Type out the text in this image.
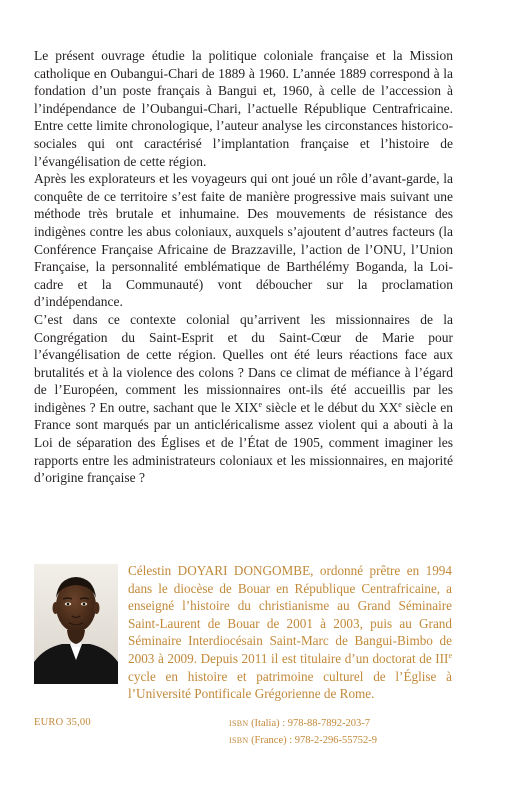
Le présent ouvrage étudie la politique coloniale française et la Mission catholique en Oubangui-Chari de 1889 à 1960. L’année 1889 correspond à la fondation d’un poste français à Bangui et, 1960, à celle de l’accession à l’indépendance de l’Oubangui-Chari, l’actuelle République Centrafricaine. Entre cette limite chronologique, l’auteur analyse les circonstances historico-sociales qui ont caractérisé l’implantation française et l’histoire de l’évangélisation de cette région.

Après les explorateurs et les voyageurs qui ont joué un rôle d’avant-garde, la conquête de ce territoire s’est faite de manière progressive mais suivant une méthode très brutale et inhumaine. Des mouvements de résistance des indigènes contre les abus coloniaux, auxquels s’ajoutent d’autres facteurs (la Conférence Française Africaine de Brazzaville, l’action de l’ONU, l’Union Française, la personnalité emblématique de Barthélémy Boganda, la Loi-cadre et la Communauté) vont déboucher sur la proclamation d’indépendance.

C’est dans ce contexte colonial qu’arrivent les missionnaires de la Congrégation du Saint-Esprit et du Saint-Cœur de Marie pour l’évangélisation de cette région. Quelles ont été leurs réactions face aux brutalités et à la violence des colons ? Dans ce climat de méfiance à l’égard de l’Européen, comment les missionnaires ont-ils été accueillis par les indigènes ? En outre, sachant que le XIXe siècle et le début du XXe siècle en France sont marqués par un anticléricalisme assez violent qui a abouti à la Loi de séparation des Églises et de l’État de 1905, comment imaginer les rapports entre les administrateurs coloniaux et les missionnaires, en majorité d’origine française ?

Célestin DOYARI DONGOMBE, ordonné prêtre en 1994 dans le diocèse de Bouar en République Centrafricaine, a enseigné l’histoire du christianisme au Grand Séminaire Saint-Laurent de Bouar de 2001 à 2003, puis au Grand Séminaire Interdiocésain Saint-Marc de Bangui-Bimbo de 2003 à 2009. Depuis 2011 il est titulaire d’un doctorat de IIIe cycle en histoire et patrimoine culturel de l’Église à l’Université Pontificale Grégorienne de Rome.

EURO 35,00	ISBN (Italia) : 978-88-7892-203-7
ISBN (France) : 978-2-296-55752-9
